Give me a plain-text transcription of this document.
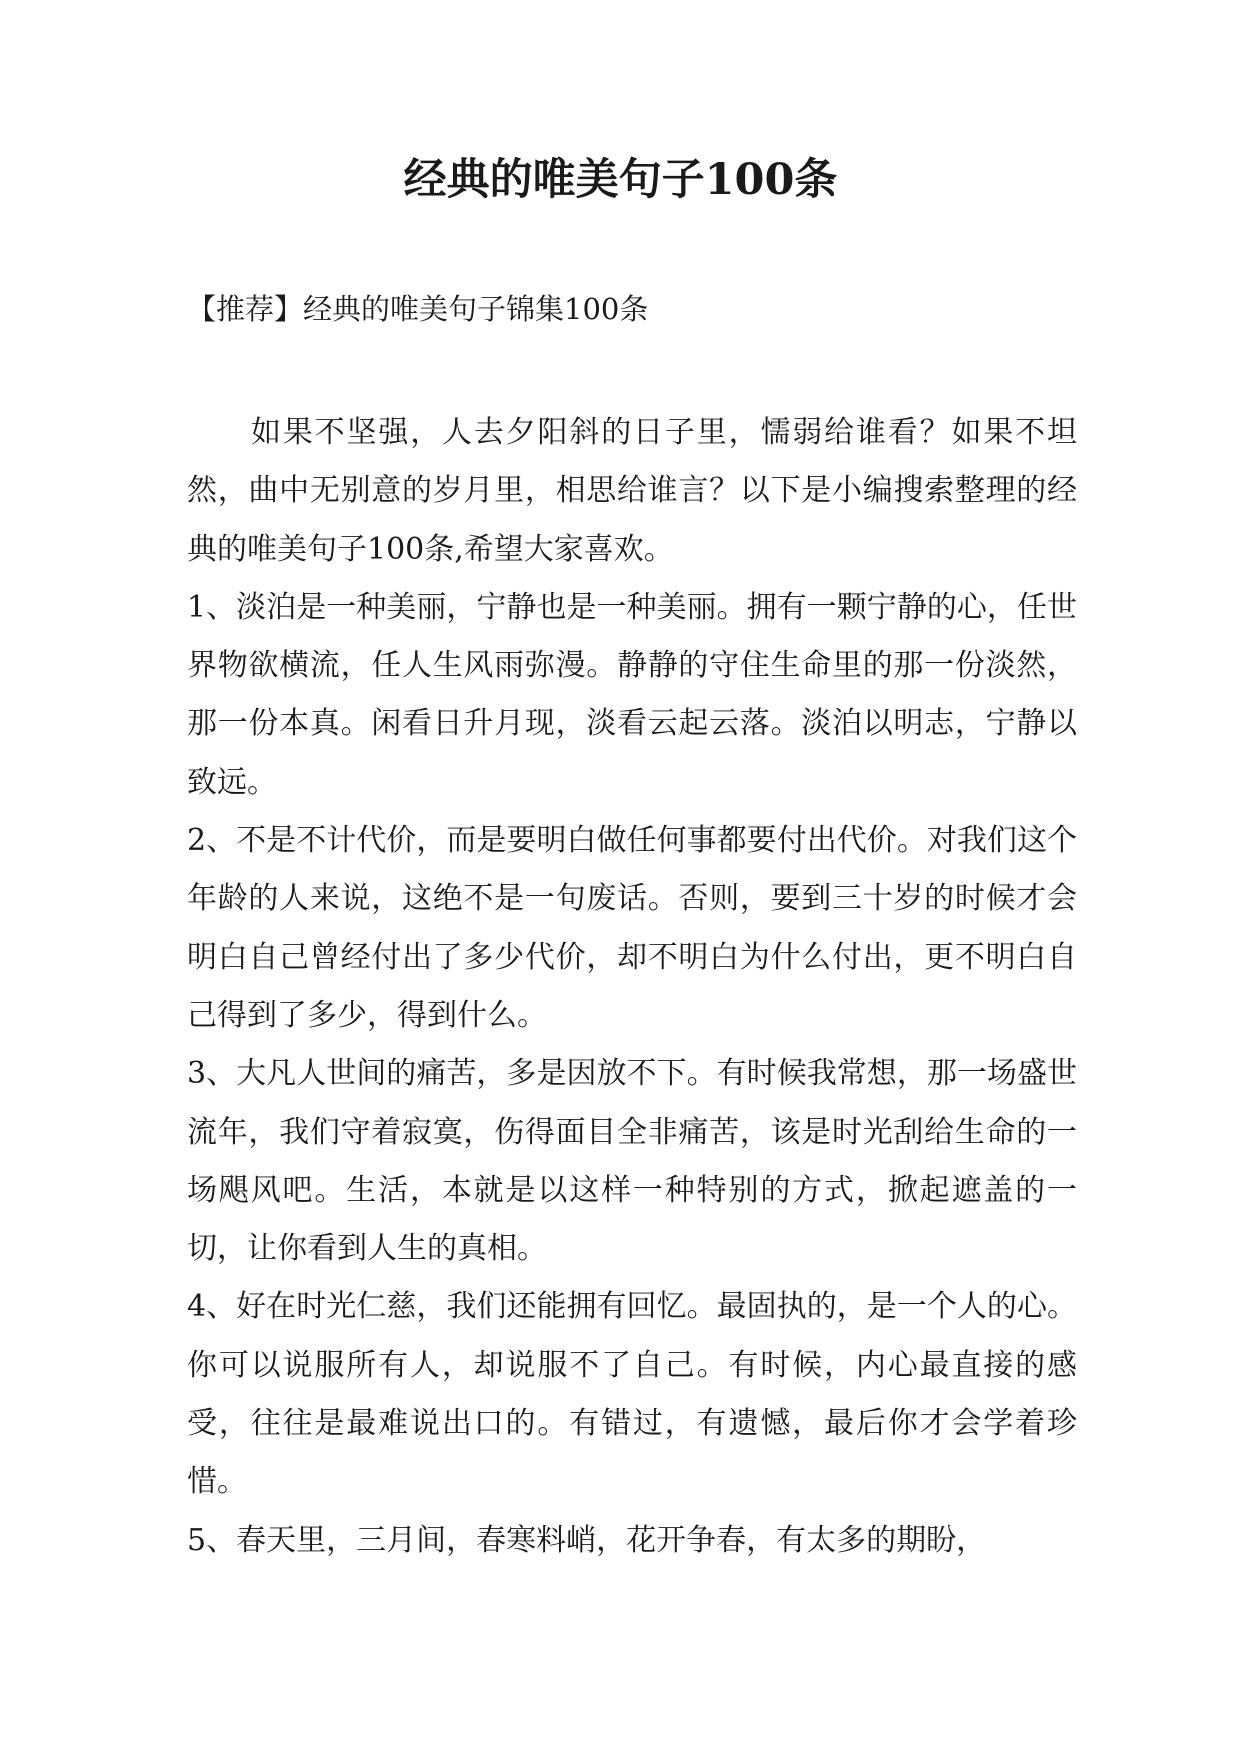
经典的唯美句子100条

【推荐】经典的唯美句子锦集100条

如果不坚强，人去夕阳斜的日子里，懦弱给谁看？如果不坦然，曲中无别意的岁月里，相思给谁言？以下是小编搜索整理的经典的唯美句子100条,希望大家喜欢。

1、淡泊是一种美丽，宁静也是一种美丽。拥有一颗宁静的心，任世界物欲横流，任人生风雨弥漫。静静的守住生命里的那一份淡然，那一份本真。闲看日升月现，淡看云起云落。淡泊以明志，宁静以致远。

2、不是不计代价，而是要明白做任何事都要付出代价。对我们这个年龄的人来说，这绝不是一句废话。否则，要到三十岁的时候才会明白自己曾经付出了多少代价，却不明白为什么付出，更不明白自己得到了多少，得到什么。

3、大凡人世间的痛苦，多是因放不下。有时候我常想，那一场盛世流年，我们守着寂寞，伤得面目全非痛苦，该是时光刮给生命的一场飓风吧。生活，本就是以这样一种特别的方式，掀起遮盖的一切，让你看到人生的真相。

4、好在时光仁慈，我们还能拥有回忆。最固执的，是一个人的心。你可以说服所有人，却说服不了自己。有时候，内心最直接的感受，往往是最难说出口的。有错过，有遗憾，最后你才会学着珍惜。

5、春天里，三月间，春寒料峭，花开争春，有太多的期盼，
